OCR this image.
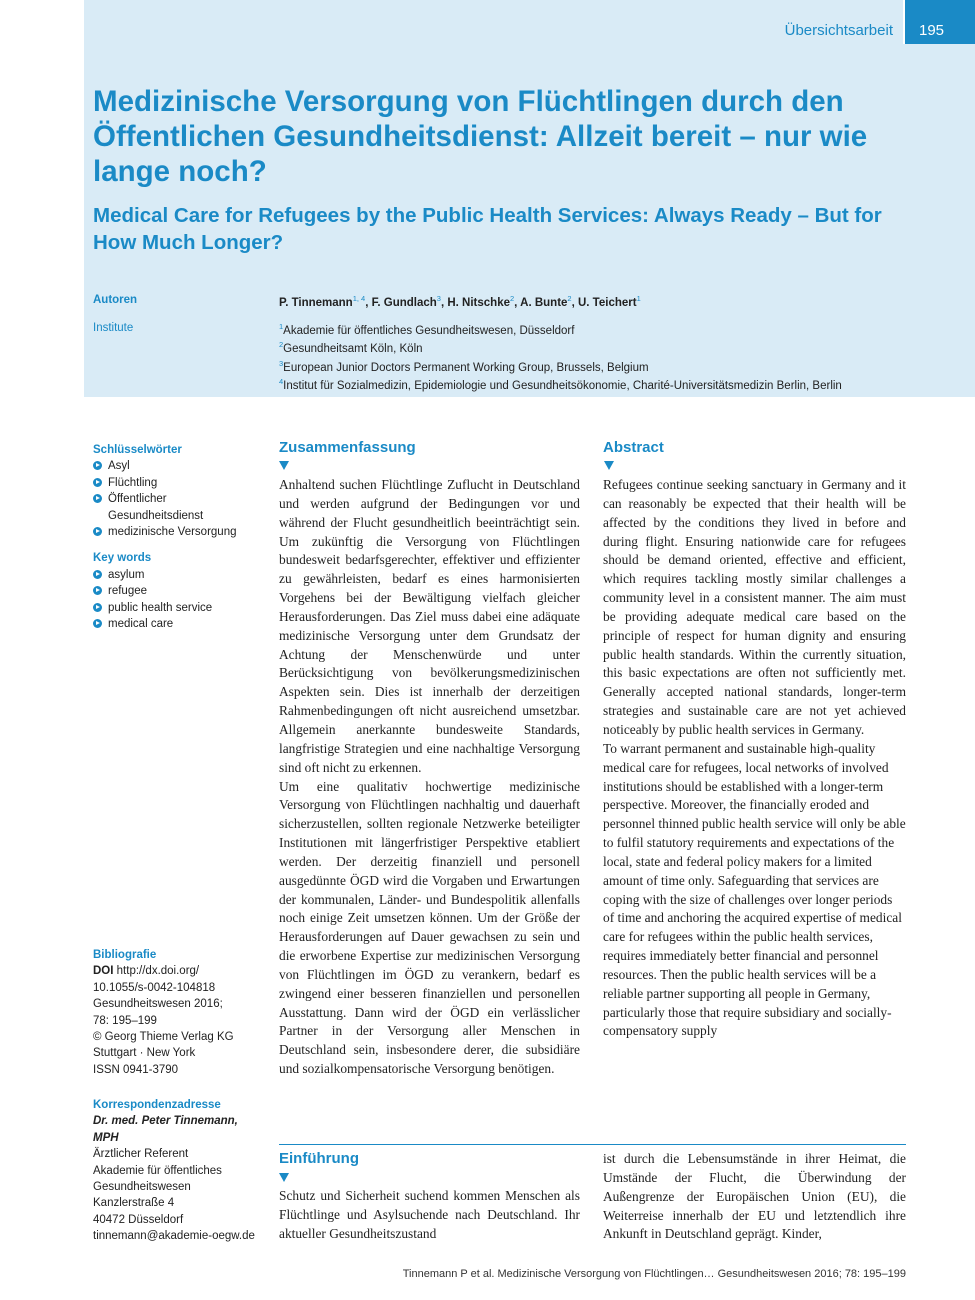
Übersichtsarbeit	195
Medizinische Versorgung von Flüchtlingen durch den Öffentlichen Gesundheitsdienst: Allzeit bereit – nur wie lange noch?
Medical Care for Refugees by the Public Health Services: Always Ready – But for How Much Longer?
Autoren
Institute
P. Tinnemann$^{1, 4}$, F. Gundlach$^3$, H. Nitschke$^2$, A. Bunte$^2$, U. Teichert$^1$
$^1$Akademie für öffentliches Gesundheitswesen, Düsseldorf
$^2$Gesundheitsamt Köln, Köln
$^3$European Junior Doctors Permanent Working Group, Brussels, Belgium
$^4$Institut für Sozialmedizin, Epidemiologie und Gesundheitsökonomie, Charité-Universitätsmedizin Berlin, Berlin
Schlüsselwörter
Asyl
Flüchtling
Öffentlicher Gesundheitsdienst
medizinische Versorgung
Key words
asylum
refugee
public health service
medical care
Bibliografie
DOI http://dx.doi.org/
10.1055/s-0042-104818
Gesundheitswesen 2016;
78: 195–199
© Georg Thieme Verlag KG
Stuttgart · New York
ISSN 0941-3790
Korrespondenzadresse
Dr. med. Peter Tinnemann, MPH
Ärztlicher Referent
Akademie für öffentliches
Gesundheitswesen
Kanzlerstraße 4
40472 Düsseldorf
tinnemann@akademie-oegw.de
Zusammenfassung

Anhaltend suchen Flüchtlinge Zuflucht in Deutschland und werden aufgrund der Bedingungen vor und während der Flucht gesundheitlich beeinträchtigt sein. Um zukünftig die Versorgung von Flüchtlingen bundesweit bedarfsgerechter, effektiver und effizienter zu gewährleisten, bedarf es eines harmonisierten Vorgehens bei der Bewältigung vielfach gleicher Herausforderungen. Das Ziel muss dabei eine adäquate medizinische Versorgung unter dem Grundsatz der Achtung der Menschenwürde und unter Berücksichtigung von bevölkerungsmedizinischen Aspekten sein. Dies ist innerhalb der derzeitigen Rahmenbedingungen oft nicht ausreichend umsetzbar. Allgemein anerkannte bundesweite Standards, langfristige Strategien und eine nachhaltige Versorgung sind oft nicht zu erkennen.

Um eine qualitativ hochwertige medizinische Versorgung von Flüchtlingen nachhaltig und dauerhaft sicherzustellen, sollten regionale Netzwerke beteiligter Institutionen mit längerfristiger Perspektive etabliert werden. Der derzeitig finanziell und personell ausgedünnte ÖGD wird die Vorgaben und Erwartungen der kommunalen, Länder- und Bundespolitik allenfalls noch einige Zeit umsetzen können. Um der Größe der Herausforderungen auf Dauer gewachsen zu sein und die erworbene Expertise zur medizinischen Versorgung von Flüchtlingen im ÖGD zu verankern, bedarf es zwingend einer besseren finanziellen und personellen Ausstattung. Dann wird der ÖGD ein verlässlicher Partner in der Versorgung aller Menschen in Deutschland sein, insbesondere derer, die subsidiäre und sozialkompensatorische Versorgung benötigen.

Abstract

Refugees continue seeking sanctuary in Germany and it can reasonably be expected that their health will be affected by the conditions they lived in before and during flight. Ensuring nationwide care for refugees should be demand oriented, effective and efficient, which requires tackling mostly similar challenges a community level in a consistent manner. The aim must be providing adequate medical care based on the principle of respect for human dignity and ensuring public health standards. Within the currently situation, this basic expectations are often not sufficiently met. Generally accepted national standards, longer-term strategies and sustainable care are not yet achieved noticeably by public health services in Germany.

To warrant permanent and sustainable high-quality medical care for refugees, local networks of involved institutions should be established with a longer-term perspective. Moreover, the financially eroded and personnel thinned public health service will only be able to fulfil statutory requirements and expectations of the local, state and federal policy makers for a limited amount of time only. Safeguarding that services are coping with the size of challenges over longer periods of time and anchoring the acquired expertise of medical care for refugees within the public health services, requires immediately better financial and personnel resources. Then the public health services will be a reliable partner supporting all people in Germany, particularly those that require subsidiary and socially-compensatory supply

Einführung
Schutz und Sicherheit suchend kommen Menschen als Flüchtlinge und Asylsuchende nach Deutschland. Ihr aktueller Gesundheitszustand
ist durch die Lebensumstände in ihrer Heimat, die Umstände der Flucht, die Überwindung der Außengrenze der Europäischen Union (EU), die Weiterreise innerhalb der EU und letztendlich ihre Ankunft in Deutschland geprägt. Kinder,
Tinnemann P et al. Medizinische Versorgung von Flüchtlingen… Gesundheitswesen 2016; 78: 195–199
